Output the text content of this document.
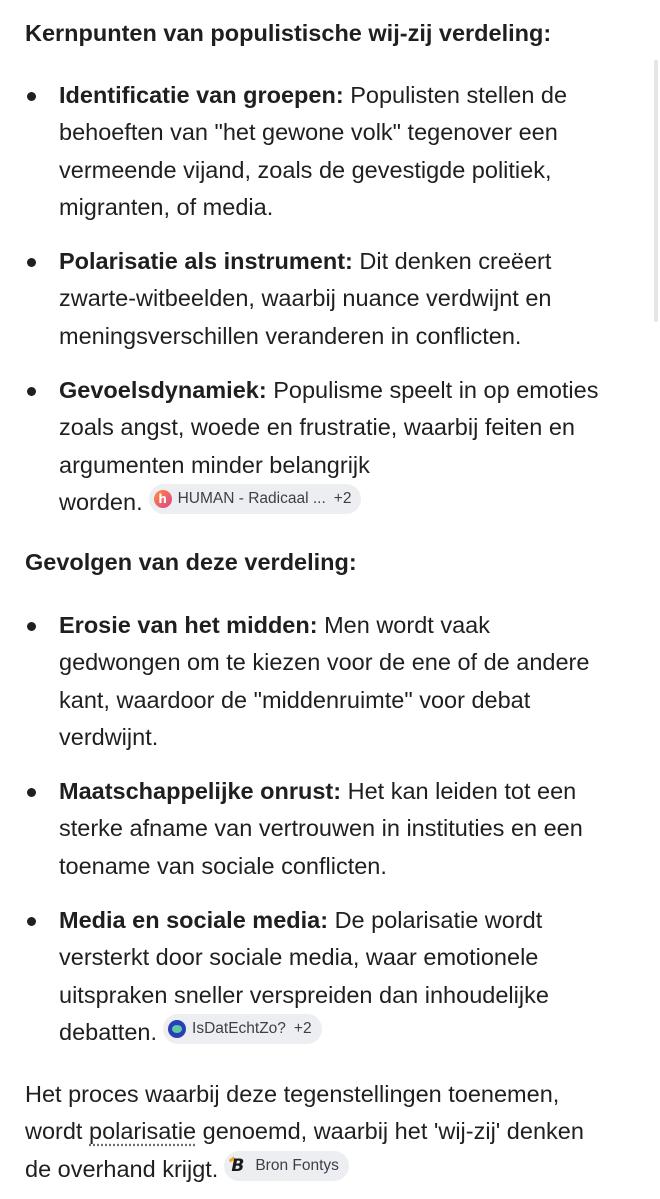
Kernpunten van populistische wij-zij verdeling:
Identificatie van groepen: Populisten stellen de
behoeften van "het gewone volk" tegenover een
vermeende vijand, zoals de gevestigde politiek,
migranten, of media.
Polarisatie als instrument: Dit denken creëert
zwarte-witbeelden, waarbij nuance verdwijnt en
meningsverschillen veranderen in conflicten.
Gevoelsdynamiek: Populisme speelt in op emoties
zoals angst, woede en frustratie, waarbij feiten en
argumenten minder belangrijk
worden. h HUMAN - Radicaal ... +2
Gevolgen van deze verdeling:
Erosie van het midden: Men wordt vaak
gedwongen om te kiezen voor de ene of de andere
kant, waardoor de "middenruimte" voor debat
verdwijnt.
Maatschappelijke onrust: Het kan leiden tot een
sterke afname van vertrouwen in instituties en een
toename van sociale conflicten.
Media en sociale media: De polarisatie wordt
versterkt door sociale media, waar emotionele
uitspraken sneller verspreiden dan inhoudelijke
debatten. IsDatEchtZo? +2
Het proces waarbij deze tegenstellingen toenemen,
wordt polarisatie genoemd, waarbij het 'wij-zij' denken
de overhand krijgt. B Bron Fontys
